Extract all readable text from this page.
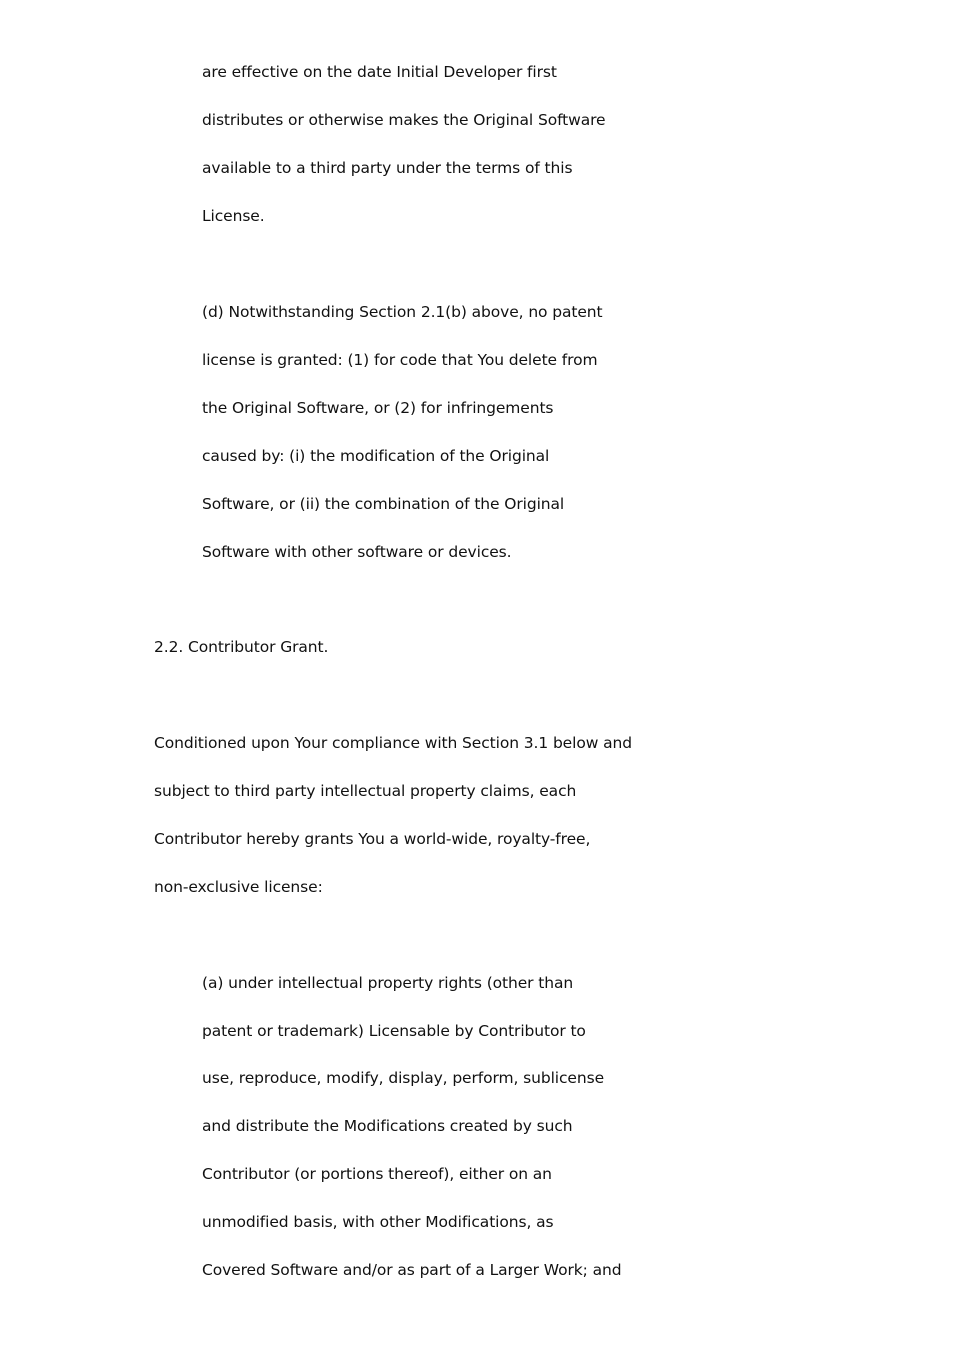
are effective on the date Initial Developer first
distributes or otherwise makes the Original Software
available to a third party under the terms of this
License.
(d) Notwithstanding Section 2.1(b) above, no patent
license is granted: (1) for code that You delete from
the Original Software, or (2) for infringements
caused by: (i) the modification of the Original
Software, or (ii) the combination of the Original
Software with other software or devices.
2.2. Contributor Grant.
Conditioned upon Your compliance with Section 3.1 below and
subject to third party intellectual property claims, each
Contributor hereby grants You a world-wide, royalty-free,
non-exclusive license:
(a) under intellectual property rights (other than
patent or trademark) Licensable by Contributor to
use, reproduce, modify, display, perform, sublicense
and distribute the Modifications created by such
Contributor (or portions thereof), either on an
unmodified basis, with other Modifications, as
Covered Software and/or as part of a Larger Work; and
